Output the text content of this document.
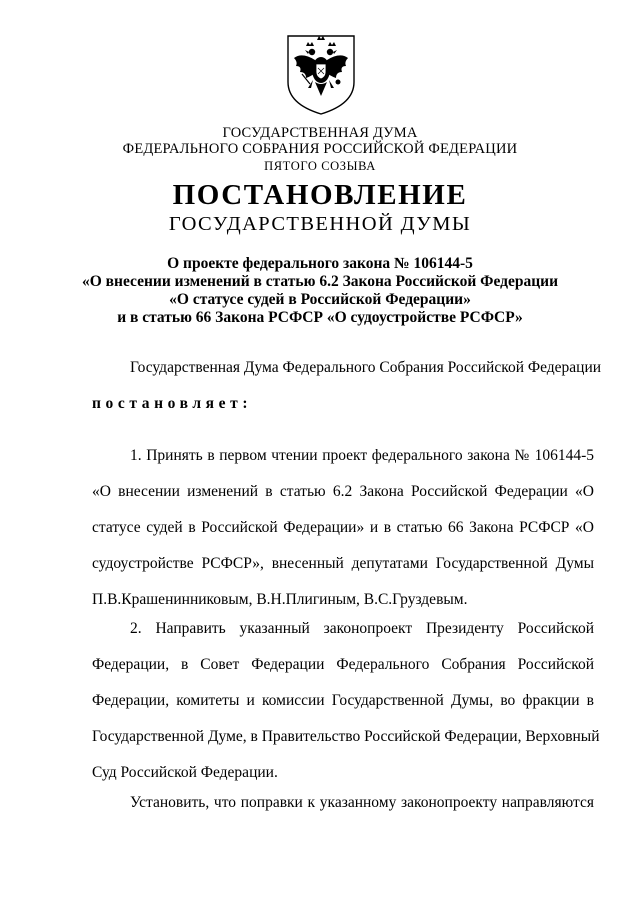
ГОСУДАРСТВЕННАЯ ДУМА
ФЕДЕРАЛЬНОГО СОБРАНИЯ РОССИЙСКОЙ ФЕДЕРАЦИИ
ПЯТОГО СОЗЫВА
ПОСТАНОВЛЕНИЕ
ГОСУДАРСТВЕННОЙ ДУМЫ
О проекте федерального закона № 106144-5
«О внесении изменений в статью 6.2 Закона Российской Федерации
«О статусе судей в Российской Федерации»
и в статью 66 Закона РСФСР «О судоустройстве РСФСР»
Государственная Дума Федерального Собрания Российской Федерации
постановляет:
1. Принять в первом чтении проект федерального закона № 106144-5
«О внесении изменений в статью 6.2 Закона Российской Федерации «О
статусе судей в Российской Федерации» и в статью 66 Закона РСФСР «О
судоустройстве РСФСР», внесенный депутатами Государственной Думы
П.В.Крашенинниковым, В.Н.Плигиным, В.С.Груздевым.
2. Направить указанный законопроект Президенту Российской
Федерации, в Совет Федерации Федерального Собрания Российской
Федерации, комитеты и комиссии Государственной Думы, во фракции в
Государственной Думе, в Правительство Российской Федерации, Верховный
Суд Российской Федерации.
Установить, что поправки к указанному законопроекту направляются
